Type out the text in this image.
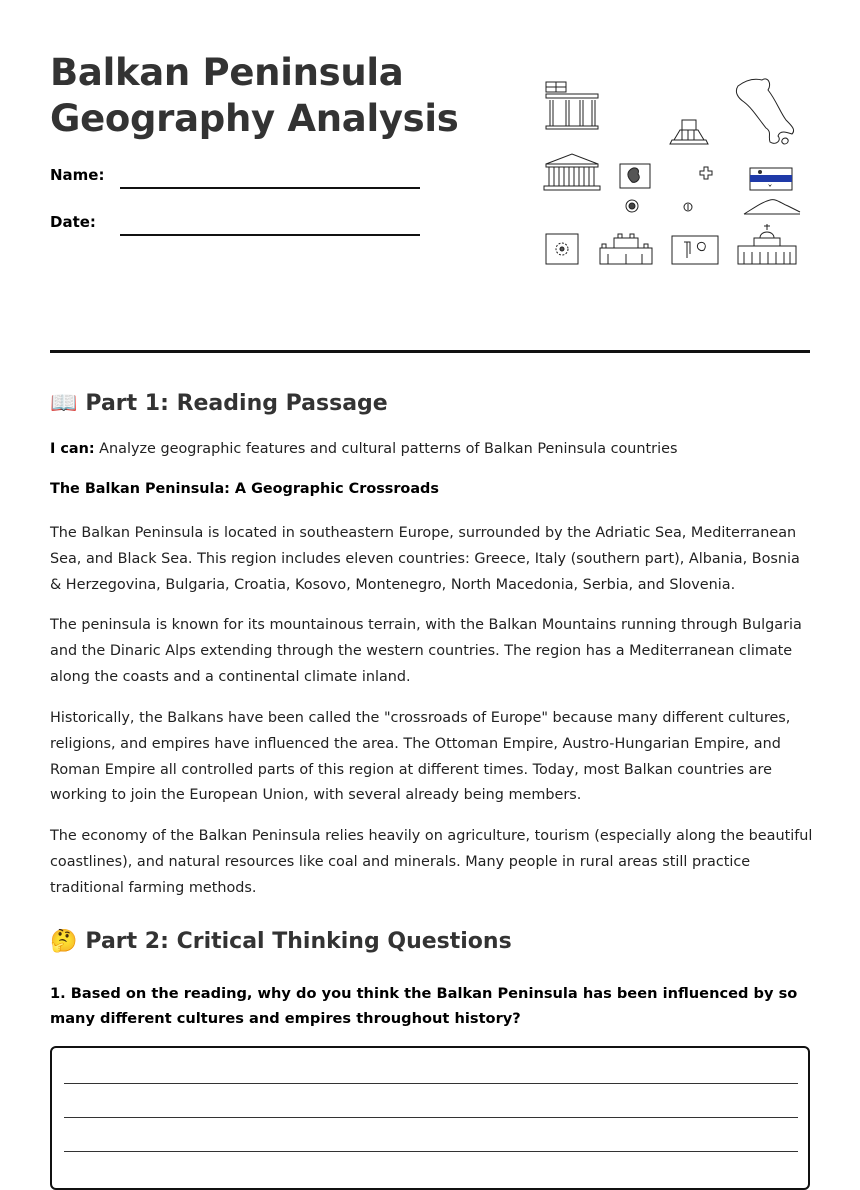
Balkan Peninsula
Geography Analysis
Name:
Date:
📖 Part 1: Reading Passage

I can: Analyze geographic features and cultural patterns of Balkan Peninsula countries

The Balkan Peninsula: A Geographic Crossroads

The Balkan Peninsula is located in southeastern Europe, surrounded by the Adriatic Sea, Mediterranean Sea, and Black Sea. This region includes eleven countries: Greece, Italy (southern part), Albania, Bosnia & Herzegovina, Bulgaria, Croatia, Kosovo, Montenegro, North Macedonia, Serbia, and Slovenia.

The peninsula is known for its mountainous terrain, with the Balkan Mountains running through Bulgaria and the Dinaric Alps extending through the western countries. The region has a Mediterranean climate along the coasts and a continental climate inland.

Historically, the Balkans have been called the "crossroads of Europe" because many different cultures, religions, and empires have influenced the area. The Ottoman Empire, Austro-Hungarian Empire, and Roman Empire all controlled parts of this region at different times. Today, most Balkan countries are working to join the European Union, with several already being members.

The economy of the Balkan Peninsula relies heavily on agriculture, tourism (especially along the beautiful coastlines), and natural resources like coal and minerals. Many people in rural areas still practice traditional farming methods.

🤔 Part 2: Critical Thinking Questions

1. Based on the reading, why do you think the Balkan Peninsula has been influenced by so many different cultures and empires throughout history?
